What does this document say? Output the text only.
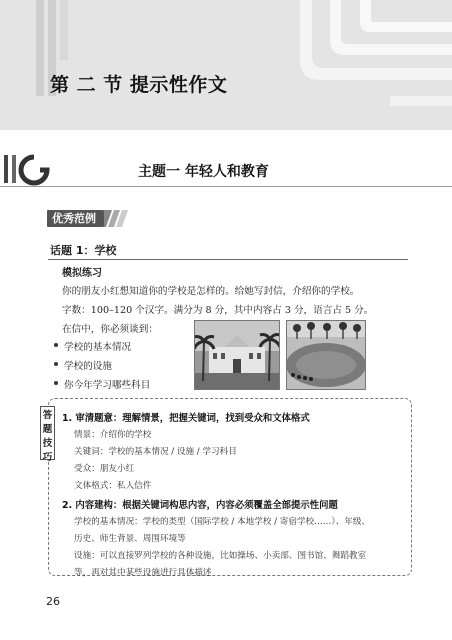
第 二 节 提示性作文
主题一 年轻人和教育
优秀范例
话题 1：学校
模拟练习
你的朋友小红想知道你的学校是怎样的。给她写封信，介绍你的学校。
字数：100–120 个汉字。满分为 8 分，其中内容占 3 分，语言占 5 分。
在信中，你必须谈到：
学校的基本情况
学校的设施
你今年学习哪些科目
答
题
技
巧
1. 审清题意：理解情景，把握关键词，找到受众和文体格式
情景：介绍你的学校
关键词：学校的基本情况 / 设施 / 学习科目
受众：朋友小红
文体格式：私人信件
2. 内容建构：根据关键词构思内容，内容必须覆盖全部提示性问题
学校的基本情况：学校的类型（国际学校 / 本地学校 / 寄宿学校……）、年级、
历史、师生背景、周围环境等
设施：可以直接罗列学校的各种设施，比如操场、小卖部、图书馆、舞蹈教室
等，再对其中某些设施进行具体描述
26
